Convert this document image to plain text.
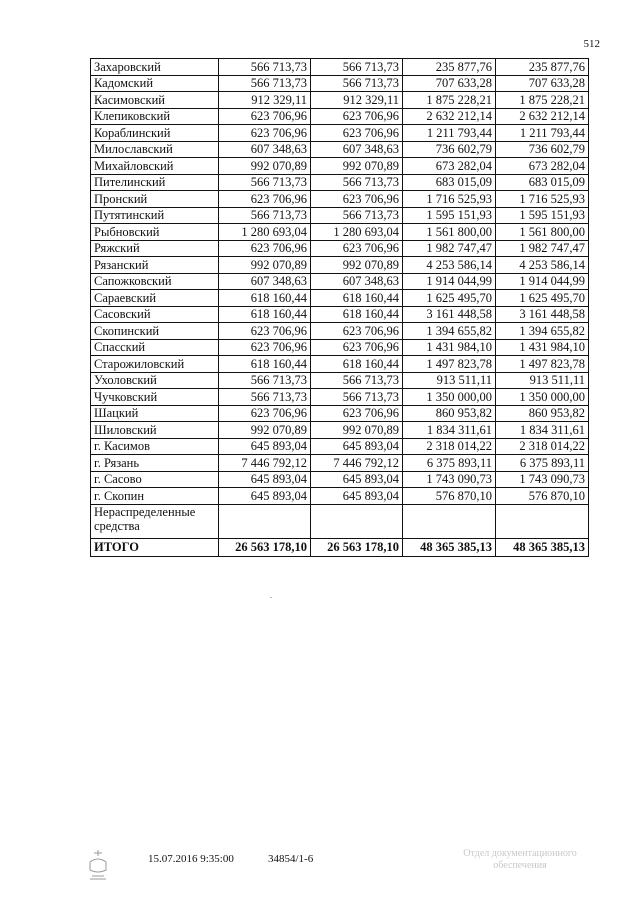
512
Захаровский	566 713,73	566 713,73	235 877,76	235 877,76
Кадомский	566 713,73	566 713,73	707 633,28	707 633,28
Касимовский	912 329,11	912 329,11	1 875 228,21	1 875 228,21
Клепиковский	623 706,96	623 706,96	2 632 212,14	2 632 212,14
Кораблинский	623 706,96	623 706,96	1 211 793,44	1 211 793,44
Милославский	607 348,63	607 348,63	736 602,79	736 602,79
Михайловский	992 070,89	992 070,89	673 282,04	673 282,04
Пителинский	566 713,73	566 713,73	683 015,09	683 015,09
Пронский	623 706,96	623 706,96	1 716 525,93	1 716 525,93
Путятинский	566 713,73	566 713,73	1 595 151,93	1 595 151,93
Рыбновский	1 280 693,04	1 280 693,04	1 561 800,00	1 561 800,00
Ряжский	623 706,96	623 706,96	1 982 747,47	1 982 747,47
Рязанский	992 070,89	992 070,89	4 253 586,14	4 253 586,14
Сапожковский	607 348,63	607 348,63	1 914 044,99	1 914 044,99
Сараевский	618 160,44	618 160,44	1 625 495,70	1 625 495,70
Сасовский	618 160,44	618 160,44	3 161 448,58	3 161 448,58
Скопинский	623 706,96	623 706,96	1 394 655,82	1 394 655,82
Спасский	623 706,96	623 706,96	1 431 984,10	1 431 984,10
Старожиловский	618 160,44	618 160,44	1 497 823,78	1 497 823,78
Ухоловский	566 713,73	566 713,73	913 511,11	913 511,11
Чучковский	566 713,73	566 713,73	1 350 000,00	1 350 000,00
Шацкий	623 706,96	623 706,96	860 953,82	860 953,82
Шиловский	992 070,89	992 070,89	1 834 311,61	1 834 311,61
г. Касимов	645 893,04	645 893,04	2 318 014,22	2 318 014,22
г. Рязань	7 446 792,12	7 446 792,12	6 375 893,11	6 375 893,11
г. Сасово	645 893,04	645 893,04	1 743 090,73	1 743 090,73
г. Скопин	645 893,04	645 893,04	576 870,10	576 870,10
Нераспределенные средства				
ИТОГО	26 563 178,10	26 563 178,10	48 365 385,13	48 365 385,13
15.07.2016 9:35:00	34854/1-6	Отдел документационного обеспечения
